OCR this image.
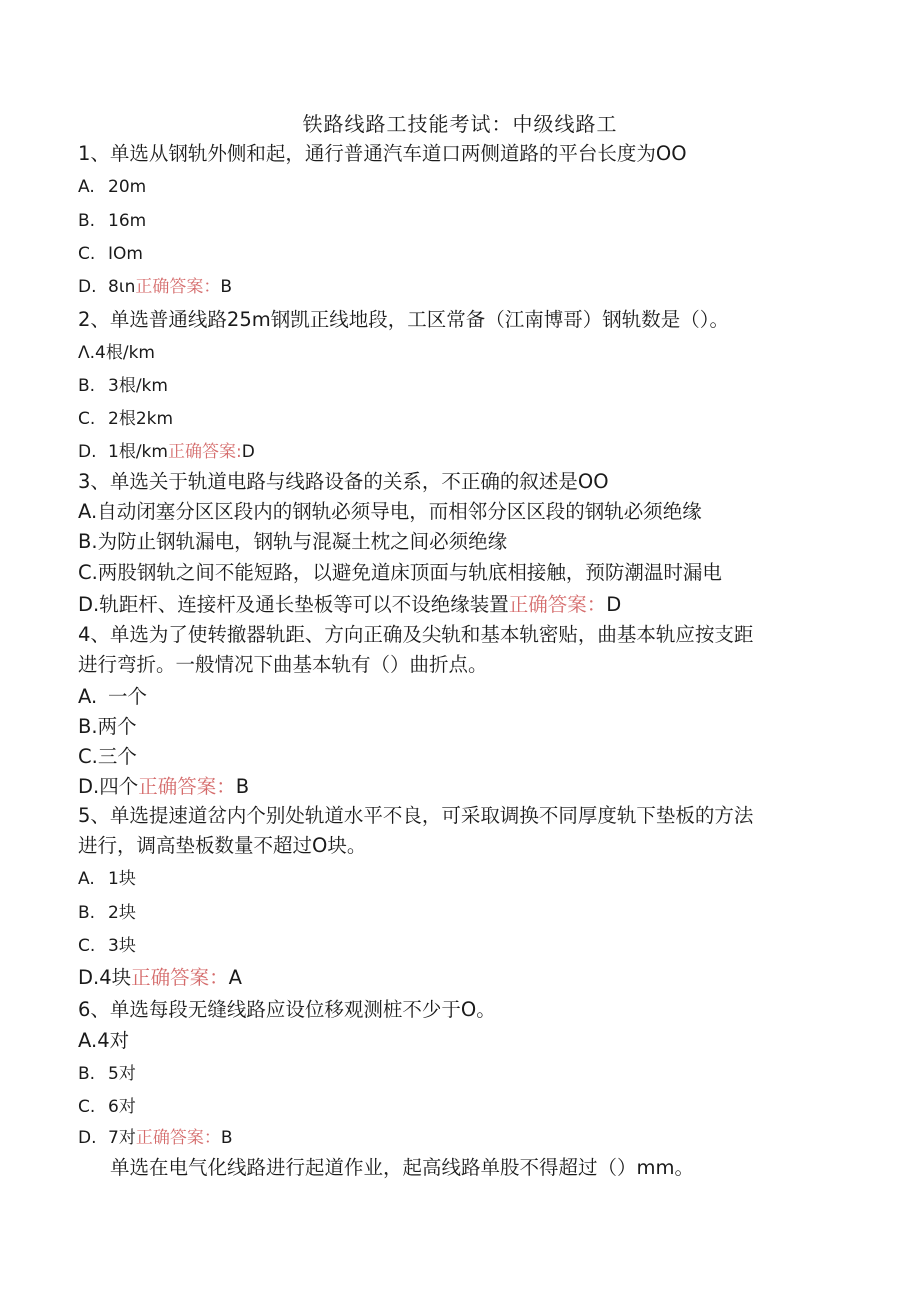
铁路线路工技能考试：中级线路工
1、单选从钢轨外侧和起，通行普通汽车道口两侧道路的平台长度为OO
A. 20m
B. 16m
C. IOm
D. 8ιn正确答案：B
2、单选普通线路25m钢凯正线地段，工区常备（江南博哥）钢轨数是（）。
Λ.4根/km
B. 3根/km
C. 2根2km
D. 1根/km正确答案:D
3、单选关于轨道电路与线路设备的关系，不正确的叙述是OO
A.自动闭塞分区区段内的钢轨必须导电，而相邻分区区段的钢轨必须绝缘
B.为防止钢轨漏电，钢轨与混凝土枕之间必须绝缘
C.两股钢轨之间不能短路，以避免道床顶面与轨底相接触，预防潮温时漏电
D.轨距杆、连接杆及通长垫板等可以不设绝缘装置正确答案：D
4、单选为了使转撤器轨距、方向正确及尖轨和基本轨密贴，曲基本轨应按支距
进行弯折。一般情况下曲基本轨有（）曲折点。
A. 一个
B.两个
C.三个
D.四个正确答案：B
5、单选提速道岔内个别处轨道水平不良，可采取调换不同厚度轨下垫板的方法
进行，调高垫板数量不超过O块。
A. 1块
B. 2块
C. 3块
D.4块正确答案：A
6、单选每段无缝线路应设位移观测桩不少于O。
A.4对
B. 5对
C. 6对
D. 7对正确答案：B
单选在电气化线路进行起道作业，起高线路单股不得超过（）mm。
